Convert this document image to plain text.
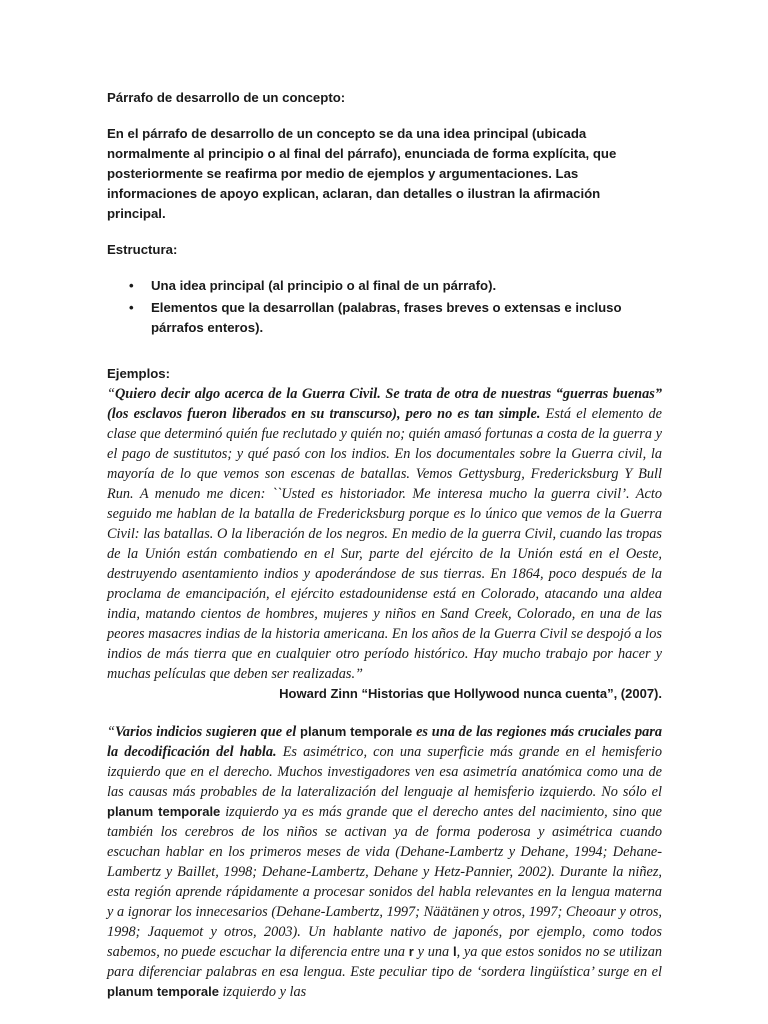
Párrafo de desarrollo de un concepto:

En el párrafo de desarrollo de un concepto se da una idea principal (ubicada normalmente al principio o al final del párrafo), enunciada de forma explícita, que posteriormente se reafirma por medio de ejemplos y argumentaciones. Las informaciones de apoyo explican, aclaran, dan detalles o ilustran la afirmación principal.

Estructura:
• Una idea principal (al principio o al final de un párrafo).
• Elementos que la desarrollan (palabras, frases breves o extensas e incluso párrafos enteros).
Ejemplos:

“Quiero decir algo acerca de la Guerra Civil. Se trata de otra de nuestras “guerras buenas” (los esclavos fueron liberados en su transcurso), pero no es tan simple. Está el elemento de clase que determinó quién fue reclutado y quién no; quién amasó fortunas a costa de la guerra y el pago de sustitutos; y qué pasó con los indios. En los documentales sobre la Guerra civil, la mayoría de lo que vemos son escenas de batallas. Vemos Gettysburg, Fredericksburg Y Bull Run. A menudo me dicen: ``Usted es historiador. Me interesa mucho la guerra civil’. Acto seguido me hablan de la batalla de Fredericksburg porque es lo único que vemos de la Guerra Civil: las batallas. O la liberación de los negros. En medio de la guerra Civil, cuando las tropas de la Unión están combatiendo en el Sur, parte del ejército de la Unión está en el Oeste, destruyendo asentamiento indios y apoderándose de sus tierras. En 1864, poco después de la proclama de emancipación, el ejército estadounidense está en Colorado, atacando una aldea india, matando cientos de hombres, mujeres y niños en Sand Creek, Colorado, en una de las peores masacres indias de la historia americana. En los años de la Guerra Civil se despojó a los indios de más tierra que en cualquier otro período histórico. Hay mucho trabajo por hacer y muchas películas que deben ser realizadas.”

Howard Zinn “Historias que Hollywood nunca cuenta”, (2007).

“Varios indicios sugieren que el planum temporale es una de las regiones más cruciales para la decodificación del habla. Es asimétrico, con una superficie más grande en el hemisferio izquierdo que en el derecho. Muchos investigadores ven esa asimetría anatómica como una de las causas más probables de la lateralización del lenguaje al hemisferio izquierdo. No sólo el planum temporale izquierdo ya es más grande que el derecho antes del nacimiento, sino que también los cerebros de los niños se activan ya de forma poderosa y asimétrica cuando escuchan hablar en los primeros meses de vida (Dehane-Lambertz y Dehane, 1994; Dehane-Lambertz y Baillet, 1998; Dehane-Lambertz, Dehane y Hetz-Pannier, 2002). Durante la niñez, esta región aprende rápidamente a procesar sonidos del habla relevantes en la lengua materna y a ignorar los innecesarios (Dehane-Lambertz, 1997; Näätänen y otros, 1997; Cheoaur y otros, 1998; Jaquemot y otros, 2003). Un hablante nativo de japonés, por ejemplo, como todos sabemos, no puede escuchar la diferencia entre una r y una l, ya que estos sonidos no se utilizan para diferenciar palabras en esa lengua. Este peculiar tipo de ‘sordera lingüística’ surge en el planum temporale izquierdo y las
